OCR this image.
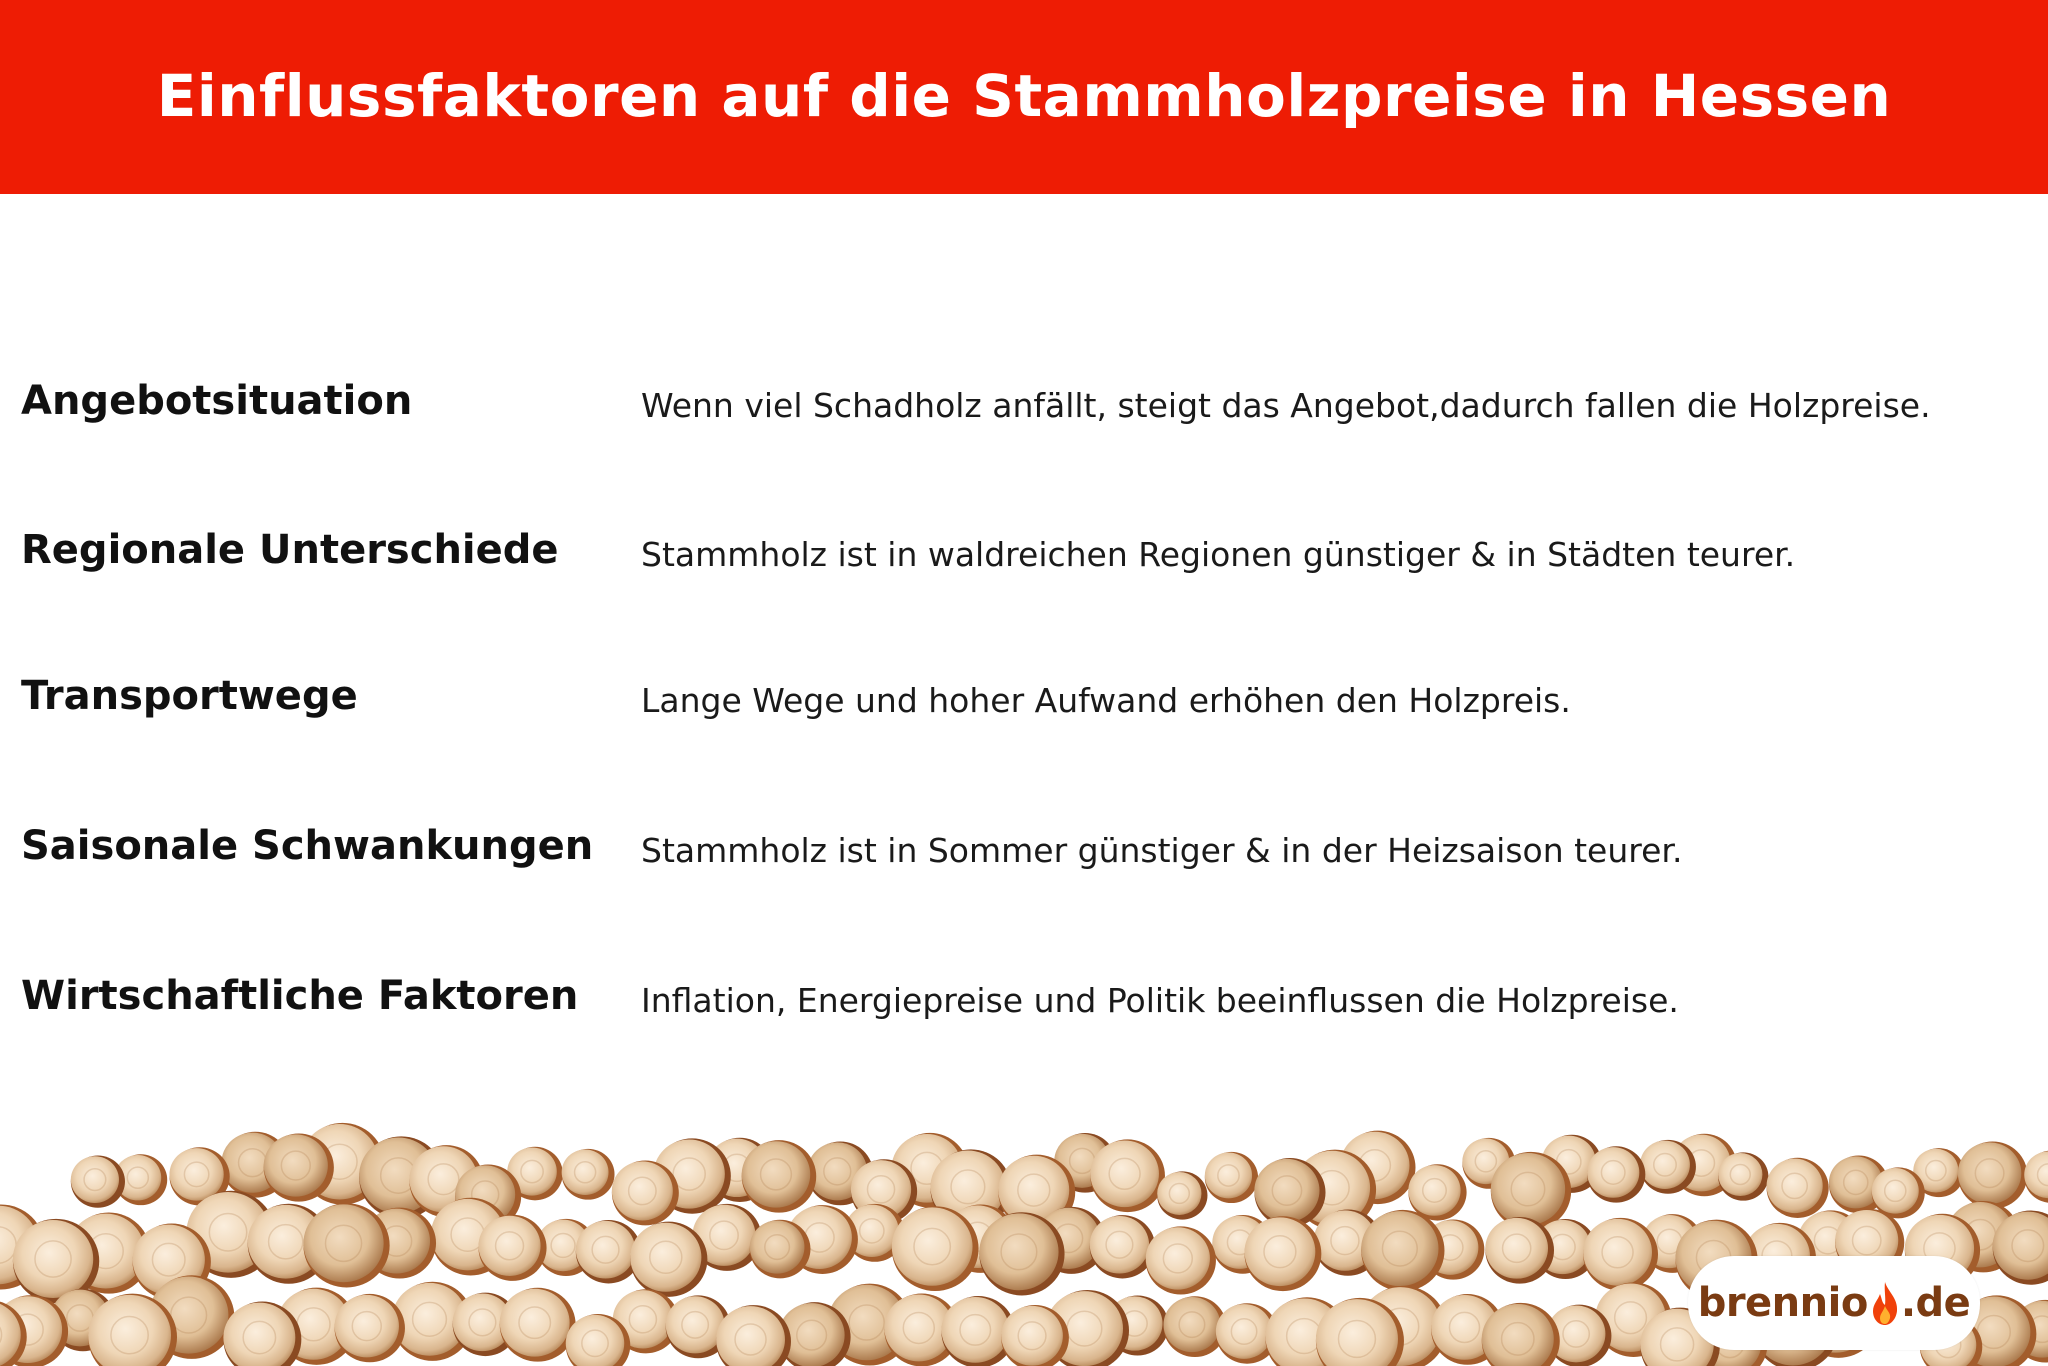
Einflussfaktoren auf die Stammholzpreise in Hessen
Angebotsituation	Wenn viel Schadholz anfällt, steigt das Angebot,dadurch fallen die Holzpreise.
Regionale Unterschiede Stammholz ist in waldreichen Regionen günstiger & in Städten teurer.
Transportwege	Lange Wege und hoher Aufwand erhöhen den Holzpreis.
Saisonale Schwankungen Stammholz ist in Sommer günstiger & in der Heizsaison teurer.
Wirtschaftliche Faktoren Inflation, Energiepreise und Politik beeinflussen die Holzpreise.
brennio .de
